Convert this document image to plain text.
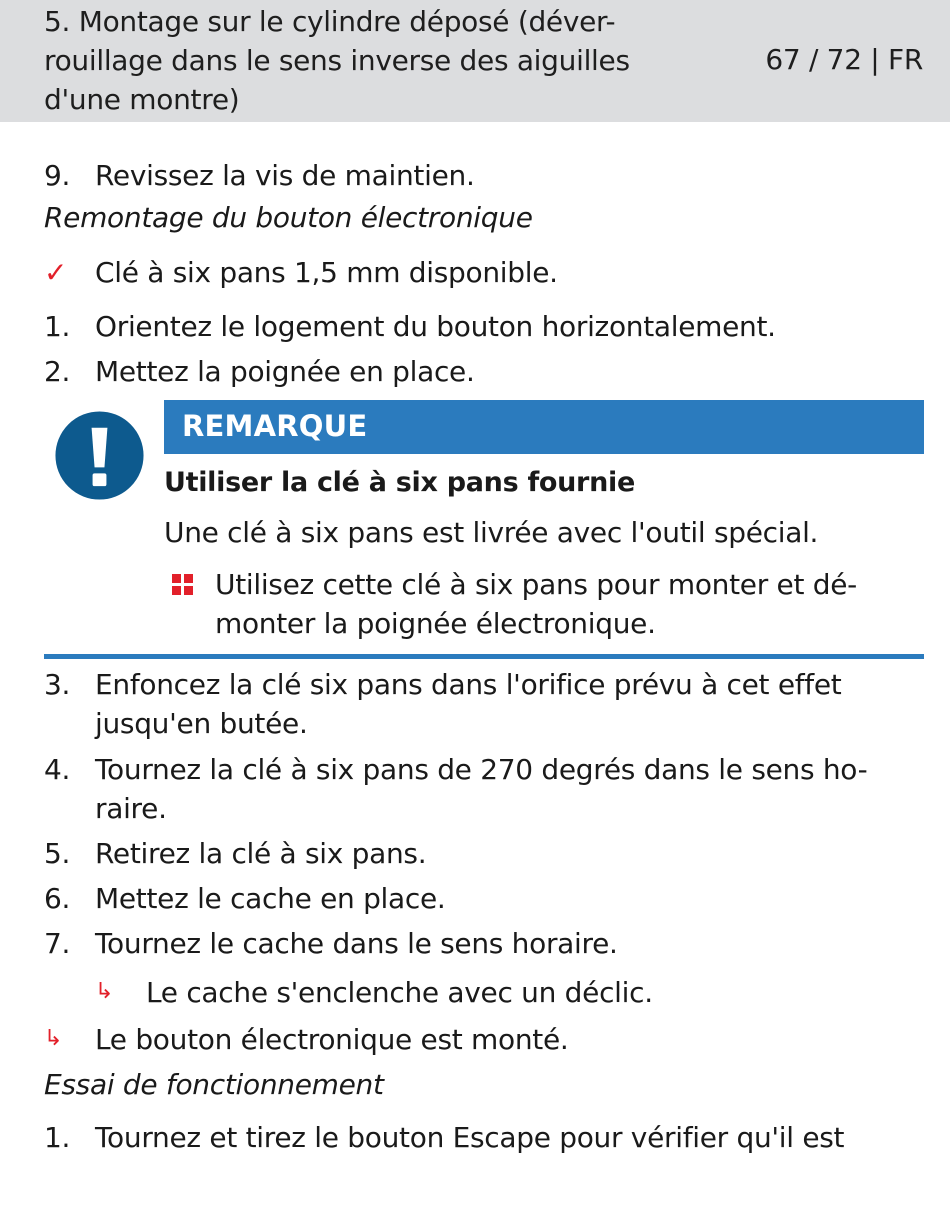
5. Montage sur le cylindre déposé (déver-
rouillage dans le sens inverse des aiguilles
d'une montre)
67 / 72 | FR
9. Revissez la vis de maintien.
Remontage du bouton électronique
✓ Clé à six pans 1,5 mm disponible.
1. Orientez le logement du bouton horizontalement.
2. Mettez la poignée en place.
REMARQUE
Utiliser la clé à six pans fournie
Une clé à six pans est livrée avec l'outil spécial.
Utilisez cette clé à six pans pour monter et dé-
monter la poignée électronique.
3. Enfoncez la clé six pans dans l'orifice prévu à cet effet
jusqu'en butée.
4. Tournez la clé à six pans de 270 degrés dans le sens ho-
raire.
5. Retirez la clé à six pans.
6. Mettez le cache en place.
7. Tournez le cache dans le sens horaire.
↳ Le cache s'enclenche avec un déclic.
↳ Le bouton électronique est monté.
Essai de fonctionnement
1. Tournez et tirez le bouton Escape pour vérifier qu'il est
